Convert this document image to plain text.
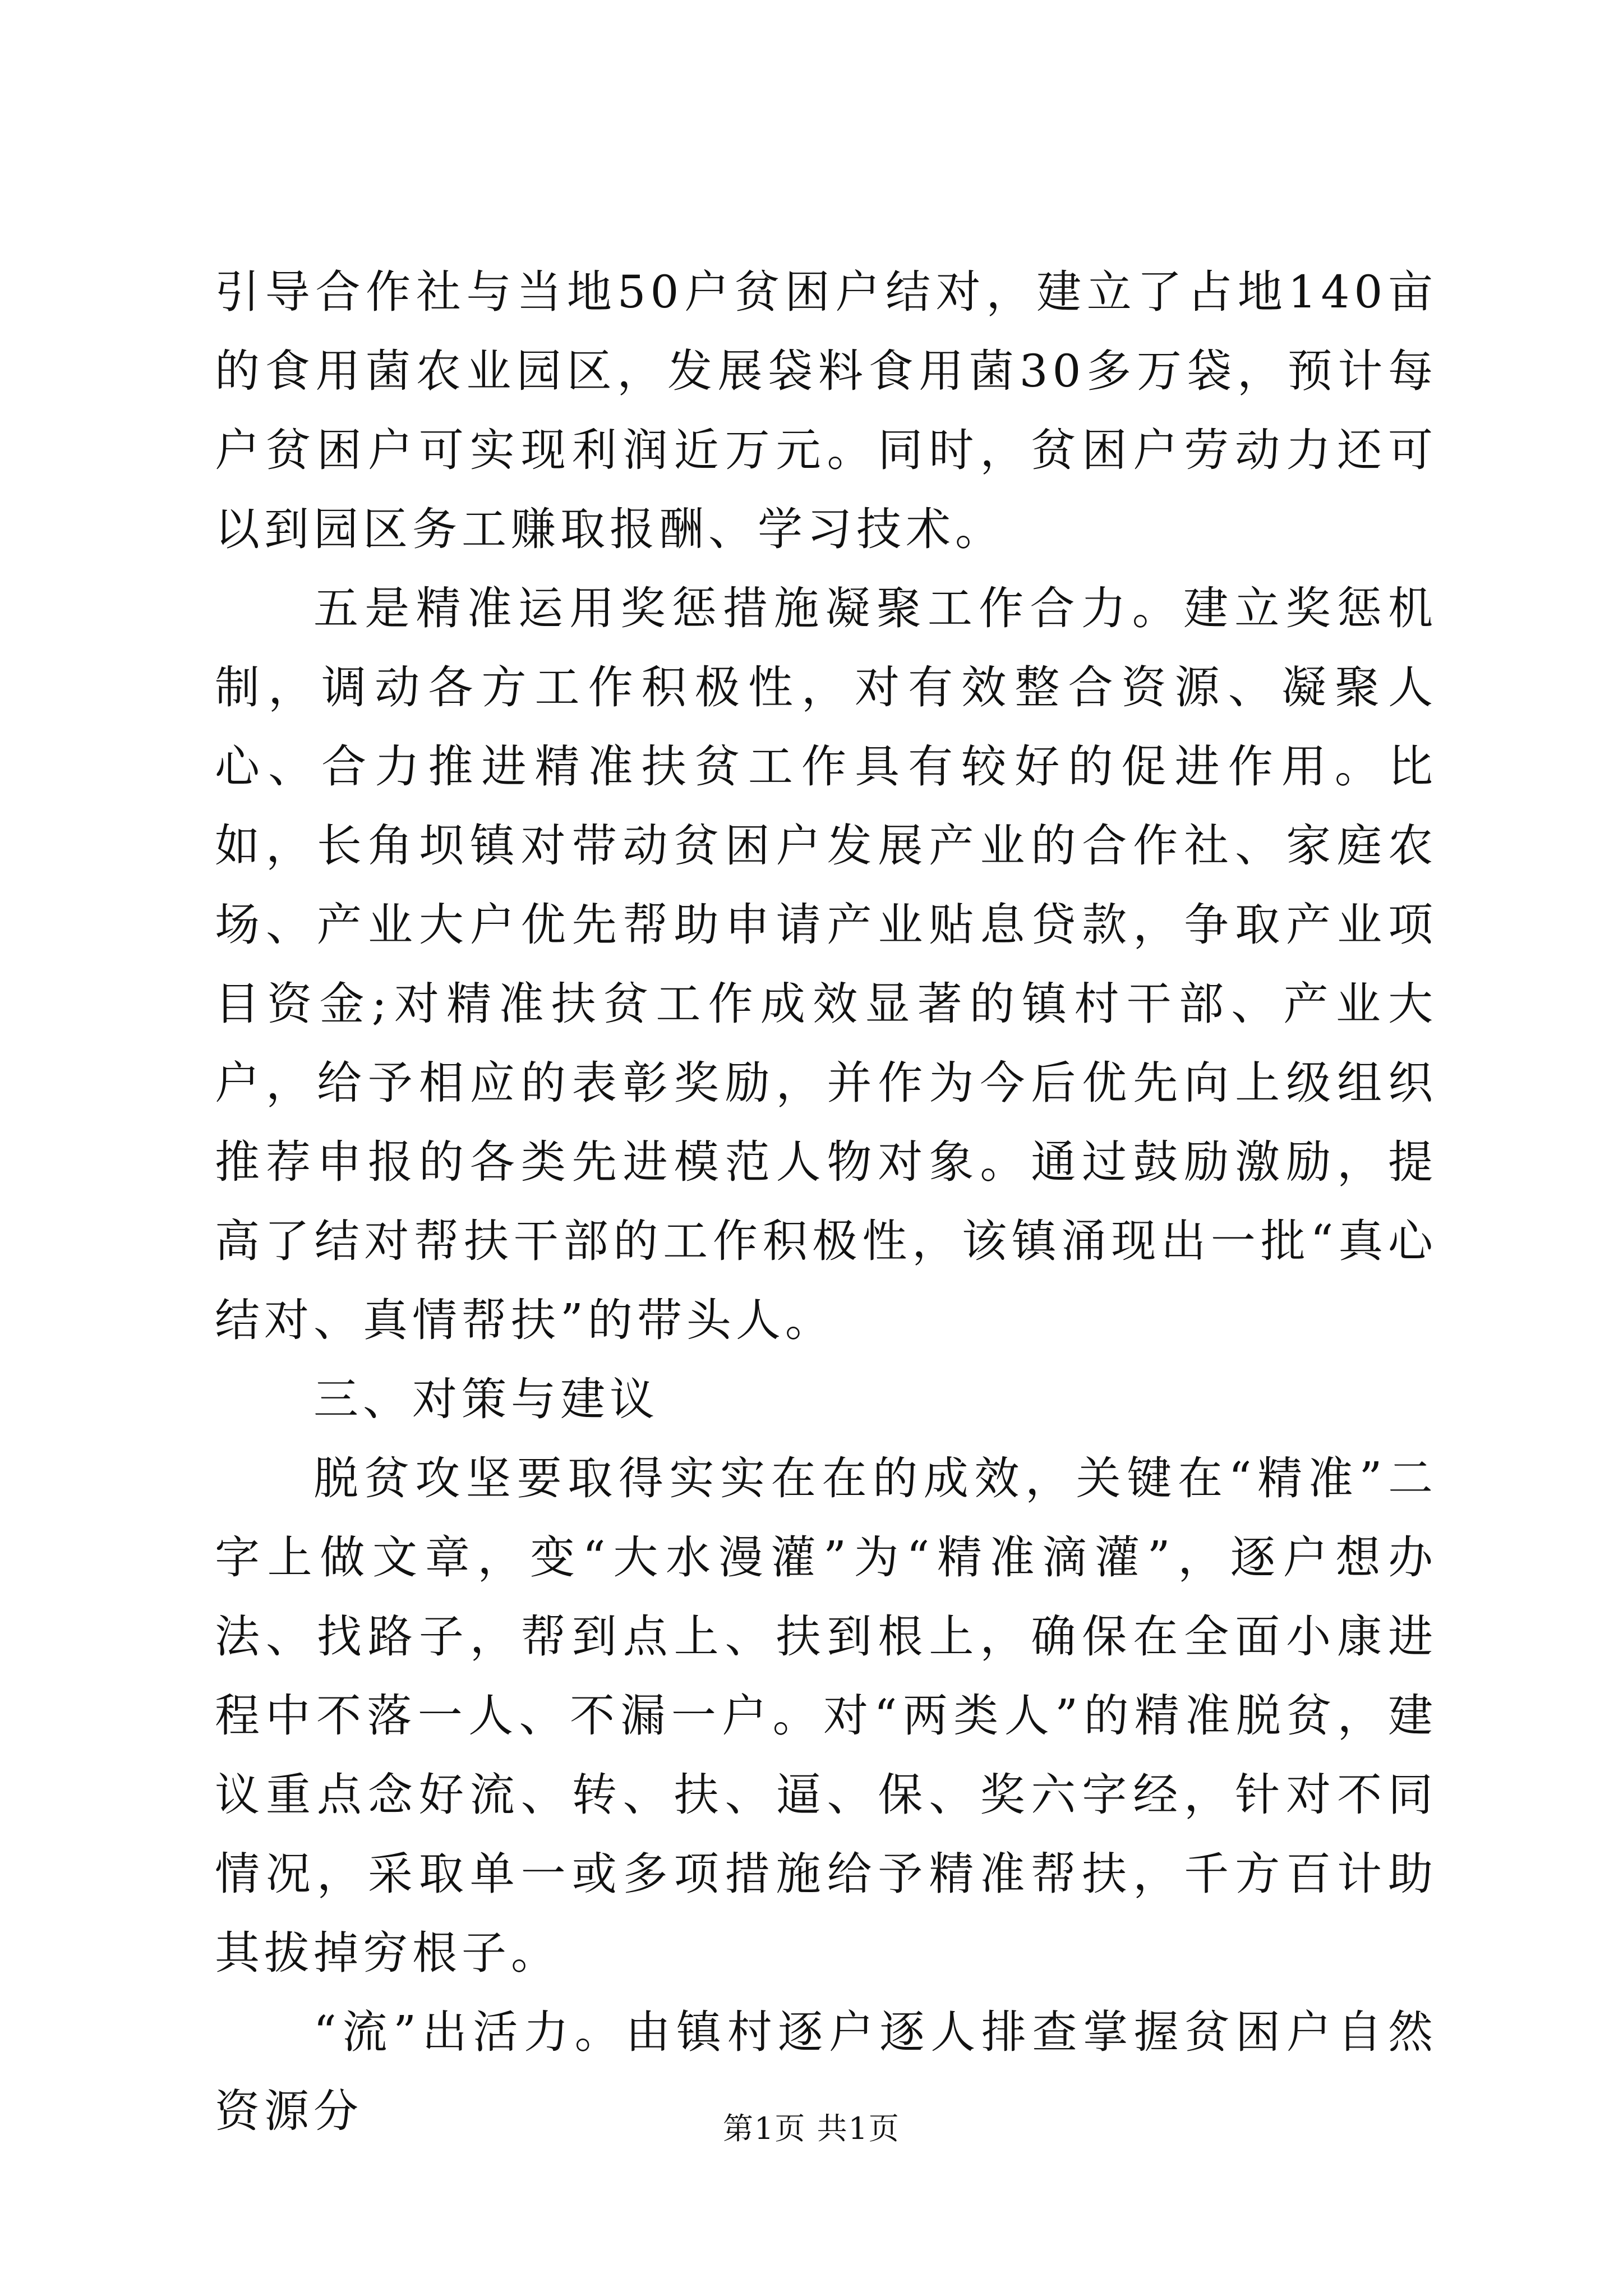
引导合作社与当地50户贫困户结对，建立了占地140亩的食用菌农业园区，发展袋料食用菌30多万袋，预计每户贫困户可实现利润近万元。同时，贫困户劳动力还可以到园区务工赚取报酬、学习技术。

五是精准运用奖惩措施凝聚工作合力。建立奖惩机制，调动各方工作积极性，对有效整合资源、凝聚人心、合力推进精准扶贫工作具有较好的促进作用。比如，长角坝镇对带动贫困户发展产业的合作社、家庭农场、产业大户优先帮助申请产业贴息贷款，争取产业项目资金;对精准扶贫工作成效显著的镇村干部、产业大户，给予相应的表彰奖励，并作为今后优先向上级组织推荐申报的各类先进模范人物对象。通过鼓励激励，提高了结对帮扶干部的工作积极性，该镇涌现出一批“真心结对、真情帮扶”的带头人。

三、对策与建议

脱贫攻坚要取得实实在在的成效，关键在“精准”二字上做文章，变“大水漫灌”为“精准滴灌”，逐户想办法、找路子，帮到点上、扶到根上，确保在全面小康进程中不落一人、不漏一户。对“两类人”的精准脱贫，建议重点念好流、转、扶、逼、保、奖六字经，针对不同情况，采取单一或多项措施给予精准帮扶，千方百计助其拔掉穷根子。

“流”出活力。由镇村逐户逐人排查掌握贫困户自然资源分	第1页 共1页
